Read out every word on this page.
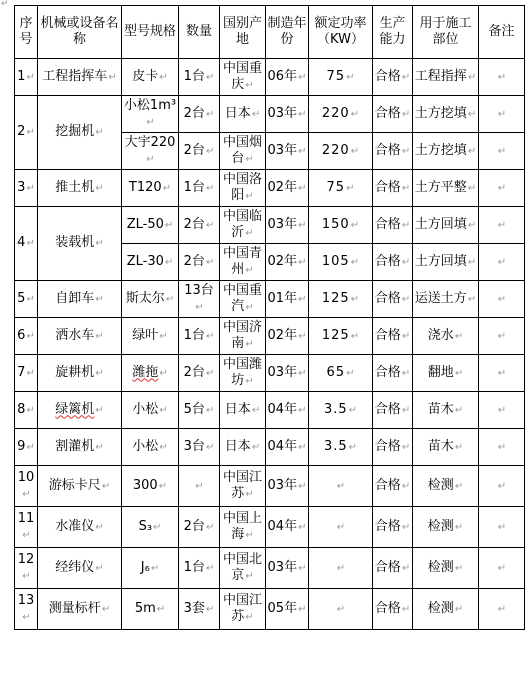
↵
序号	机械或设备名称	型号规格	数量	国别产地	制造年份	额定功率（KW）	生产能力	用于施工部位	备注
1↵	工程指挥车↵	皮卡↵	1台↵	中国重庆↵	06年↵	75↵	合格↵	工程指挥↵	↵
2↵	挖掘机↵	小松1m³↵	2台↵	日本↵	03年↵	220↵	合格↵	土方挖填↵	↵
		大宇220↵	2台↵	中国烟台↵	03年↵	220↵	合格↵	土方挖填↵	↵
3↵	推土机↵	T120↵	1台↵	中国洛阳↵	02年↵	75↵	合格↵	土方平整↵	↵
4↵	装载机↵	ZL-50↵	2台↵	中国临沂↵	03年↵	150↵	合格↵	土方回填↵	↵
		ZL-30↵	2台↵	中国青州↵	02年↵	105↵	合格↵	土方回填↵	↵
5↵	自卸车↵	斯太尔↵	13台↵	中国重汽↵	01年↵	125↵	合格↵	运送土方↵	↵
6↵	洒水车↵	绿叶↵	1台↵	中国济南↵	02年↵	125↵	合格↵	浇水↵	↵
7↵	旋耕机↵	潍拖↵	2台↵	中国潍坊↵	03年↵	65↵	合格↵	翻地↵	↵
8↵	绿篱机↵	小松↵	5台↵	日本↵	04年↵	3.5↵	合格↵	苗木↵	↵
9↵	割灌机↵	小松↵	3台↵	日本↵	04年↵	3.5↵	合格↵	苗木↵	↵
10↵	游标卡尺↵	300↵	↵	中国江苏↵	03年↵	↵	合格↵	检测↵	↵
11↵	水准仪↵	S₃↵	2台↵	中国上海↵	04年↵	↵	合格↵	检测↵	↵
12↵	经纬仪↵	J₆↵	1台↵	中国北京↵	03年↵	↵	合格↵	检测↵	↵
13↵	测量标杆↵	5m↵	3套↵	中国江苏↵	05年↵	↵	合格↵	检测↵	↵
